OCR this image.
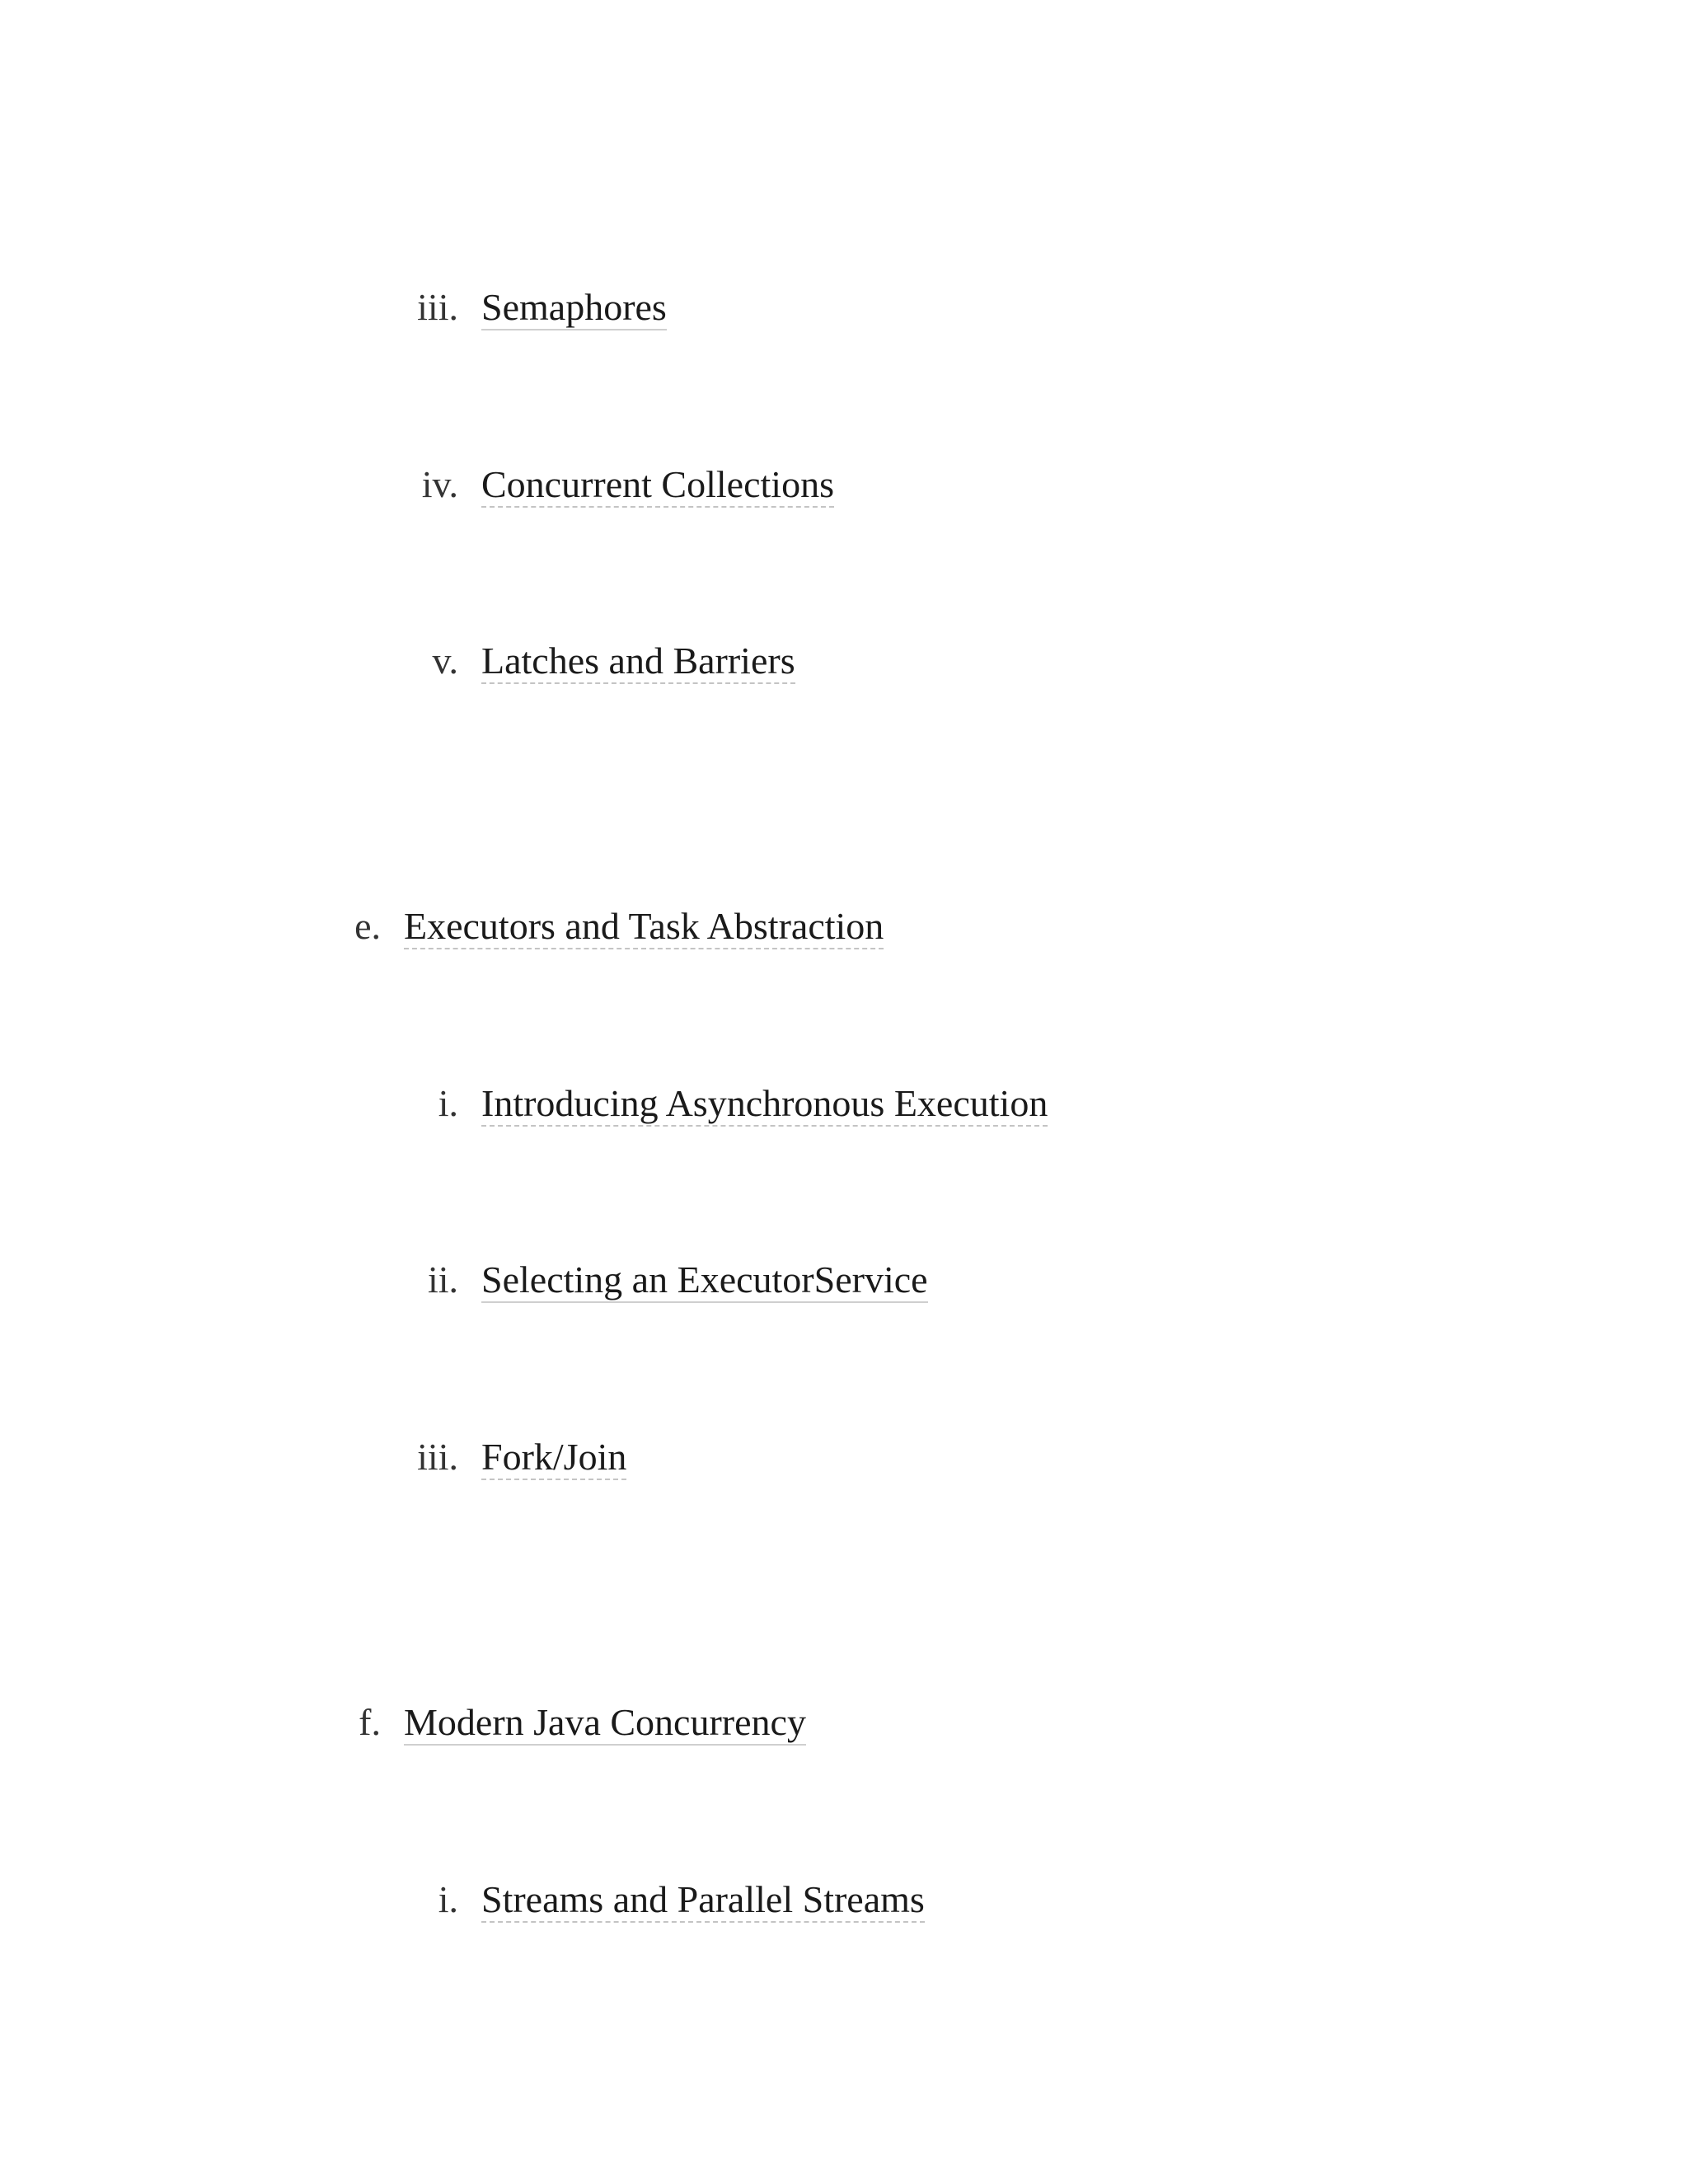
iii. Semaphores
iv. Concurrent Collections
v. Latches and Barriers
e. Executors and Task Abstraction
i. Introducing Asynchronous Execution
ii. Selecting an ExecutorService
iii. Fork/Join
f. Modern Java Concurrency
i. Streams and Parallel Streams
